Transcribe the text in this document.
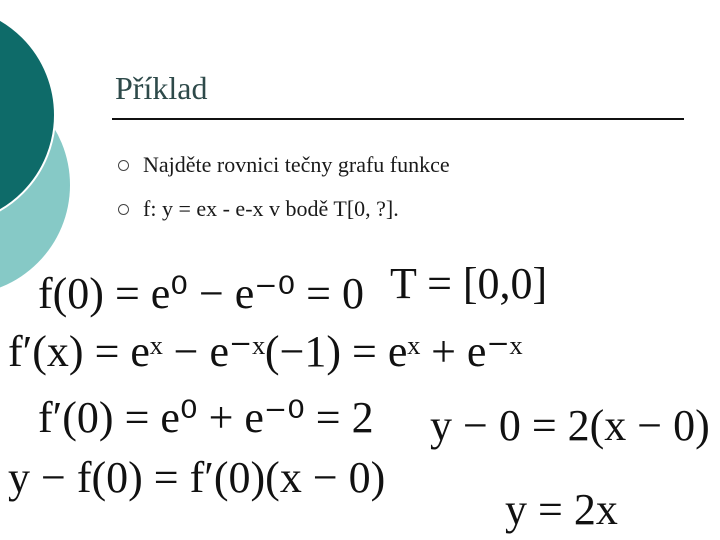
Příklad
Najděte rovnici tečny grafu funkce
f: y = ex - e-x v bodě T[0, ?].
f(0) = e⁰ − e⁻⁰ = 0 T = [0,0]
f′(x) = eˣ − e⁻ˣ(−1) = eˣ + e⁻ˣ
f′(0) = e⁰ + e⁻⁰ = 2 y − 0 = 2(x − 0)
y − f(0) = f′(0)(x − 0)
y = 2x
